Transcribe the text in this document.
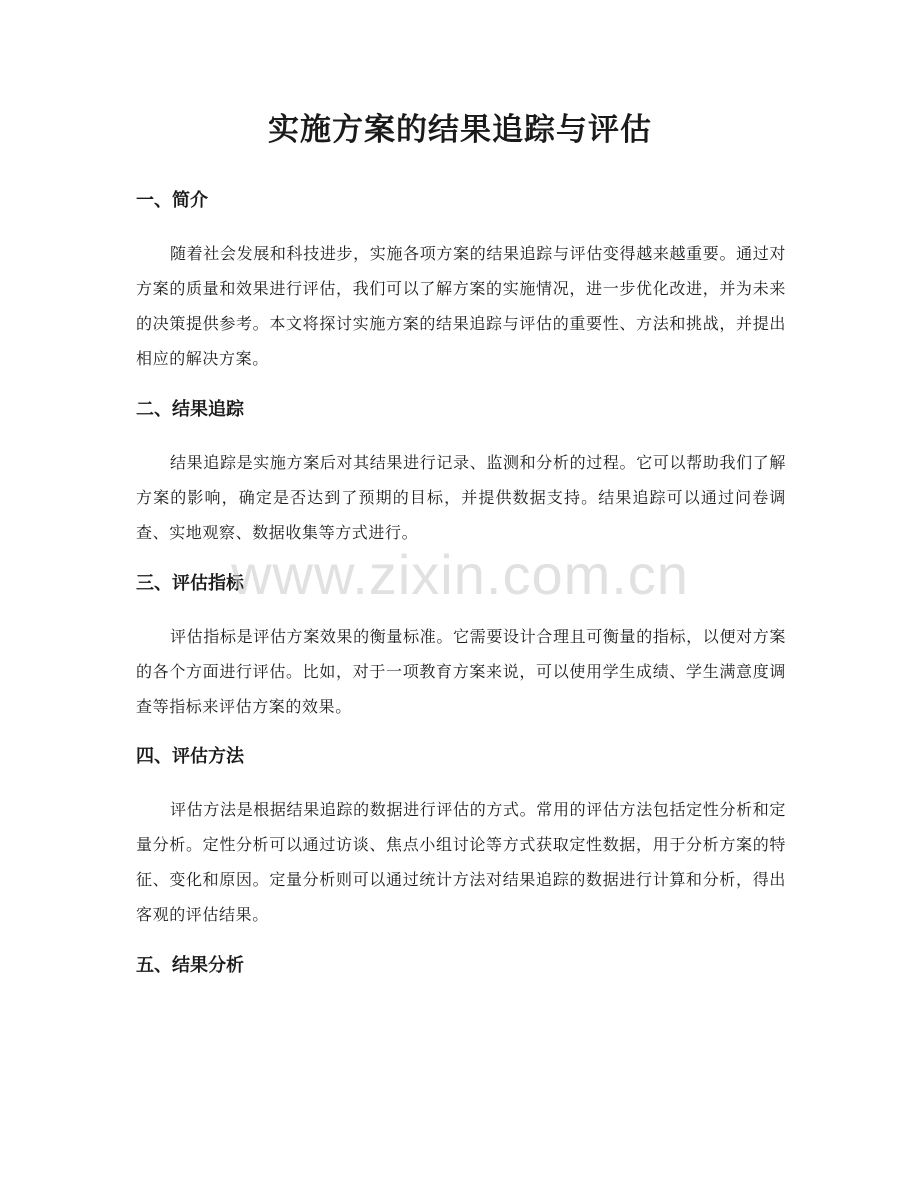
实施方案的结果追踪与评估
一、简介

随着社会发展和科技进步，实施各项方案的结果追踪与评估变得越来越重要。通过对方案的质量和效果进行评估，我们可以了解方案的实施情况，进一步优化改进，并为未来的决策提供参考。本文将探讨实施方案的结果追踪与评估的重要性、方法和挑战，并提出相应的解决方案。

二、结果追踪

结果追踪是实施方案后对其结果进行记录、监测和分析的过程。它可以帮助我们了解方案的影响，确定是否达到了预期的目标，并提供数据支持。结果追踪可以通过问卷调查、实地观察、数据收集等方式进行。

三、评估指标

评估指标是评估方案效果的衡量标准。它需要设计合理且可衡量的指标，以便对方案的各个方面进行评估。比如，对于一项教育方案来说，可以使用学生成绩、学生满意度调查等指标来评估方案的效果。

四、评估方法

评估方法是根据结果追踪的数据进行评估的方式。常用的评估方法包括定性分析和定量分析。定性分析可以通过访谈、焦点小组讨论等方式获取定性数据，用于分析方案的特征、变化和原因。定量分析则可以通过统计方法对结果追踪的数据进行计算和分析，得出客观的评估结果。

五、结果分析
www.zixin.com.cn
